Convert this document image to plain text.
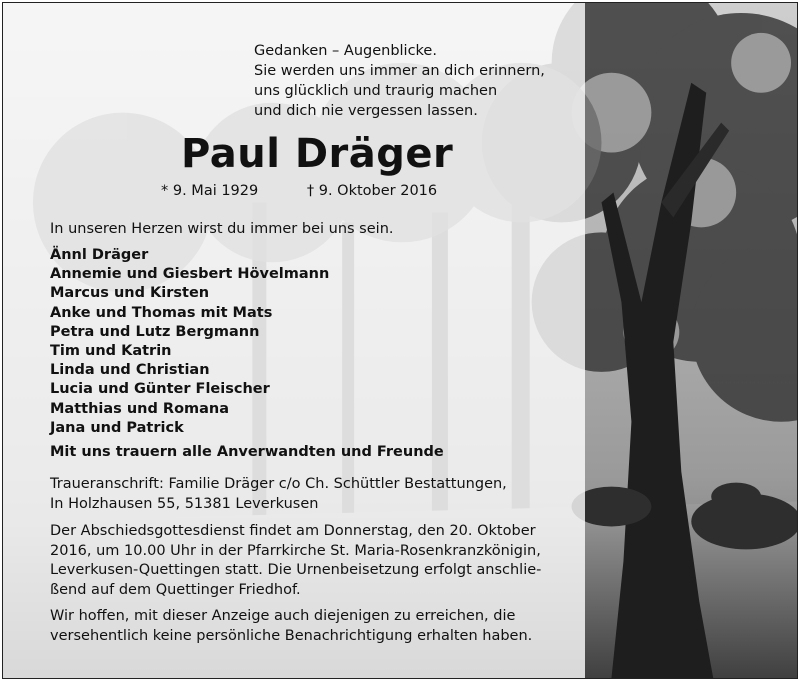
Gedanken – Augenblicke.
Sie werden uns immer an dich erinnern,
uns glücklich und traurig machen
und dich nie vergessen lassen.
Paul Dräger
* 9. Mai 1929	† 9. Oktober 2016
In unseren Herzen wirst du immer bei uns sein.
Ännl Dräger
Annemie und Giesbert Hövelmann
Marcus und Kirsten
Anke und Thomas mit Mats
Petra und Lutz Bergmann
Tim und Katrin
Linda und Christian
Lucia und Günter Fleischer
Matthias und Romana
Jana und Patrick
Mit uns trauern alle Anverwandten und Freunde
Traueranschrift: Familie Dräger c/o Ch. Schüttler Bestattungen,
In Holzhausen 55, 51381 Leverkusen
Der Abschiedsgottesdienst findet am Donnerstag, den 20. Oktober
2016, um 10.00 Uhr in der Pfarrkirche St. Maria-Rosenkranzkönigin,
Leverkusen-Quettingen statt. Die Urnenbeisetzung erfolgt anschlie-
ßend auf dem Quettinger Friedhof.
Wir hoffen, mit dieser Anzeige auch diejenigen zu erreichen, die
versehentlich keine persönliche Benachrichtigung erhalten haben.
